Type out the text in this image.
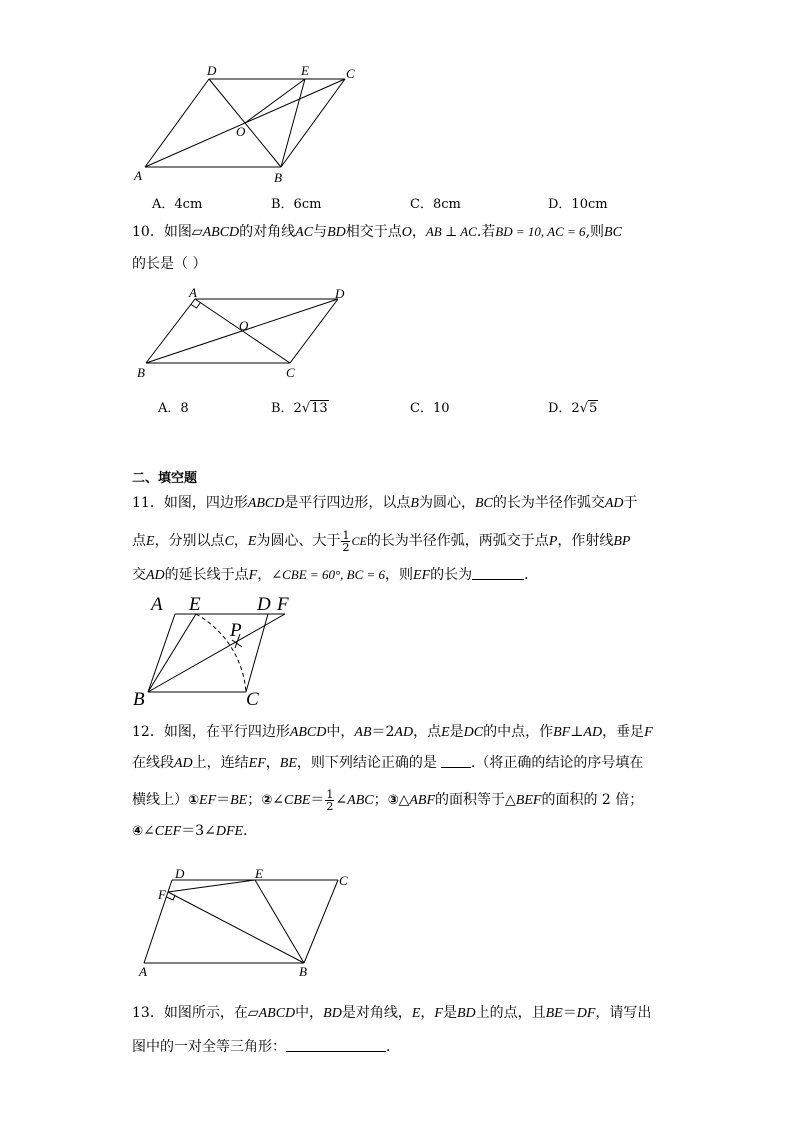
D	E	C
O
A	B
A．4cm	B．6cm	C．8cm	D．10cm
10．如图▱ABCD的对角线AC与BD相交于点O，AB ⊥ AC.若BD = 10, AC = 6,则BC
的长是（ ）
A	D
O
B	C
A．8	B．2√13	C．10	D．2√5
二、填空题
11．如图，四边形ABCD是平行四边形，以点B为圆心，BC的长为半径作弧交AD于
点E，分别以点C，E为圆心、大于 $\frac{1}{2}$ CE的长为半径作弧，两弧交于点P，作射线BP
交AD的延长线于点F，∠CBE = 60°, BC = 6，则EF的长为	．
A E	D F
P
B	C
12．如图，在平行四边形ABCD中，AB＝2AD，点E是DC的中点，作BF⊥AD，垂足F
在线段AD上，连结EF，BE，则下列结论正确的是 .（将正确的结论的序号填在
横线上）①EF＝BE；②∠CBE＝ $\frac{1}{2}$ ∠ABC；③△ABF的面积等于△BEF的面积的 2 倍；
④∠CEF＝3∠DFE．
D	E	C
F
A	B
13．如图所示，在▱ABCD中，BD是对角线，E，F是BD上的点，且BE＝DF，请写出
图中的一对全等三角形：	．
